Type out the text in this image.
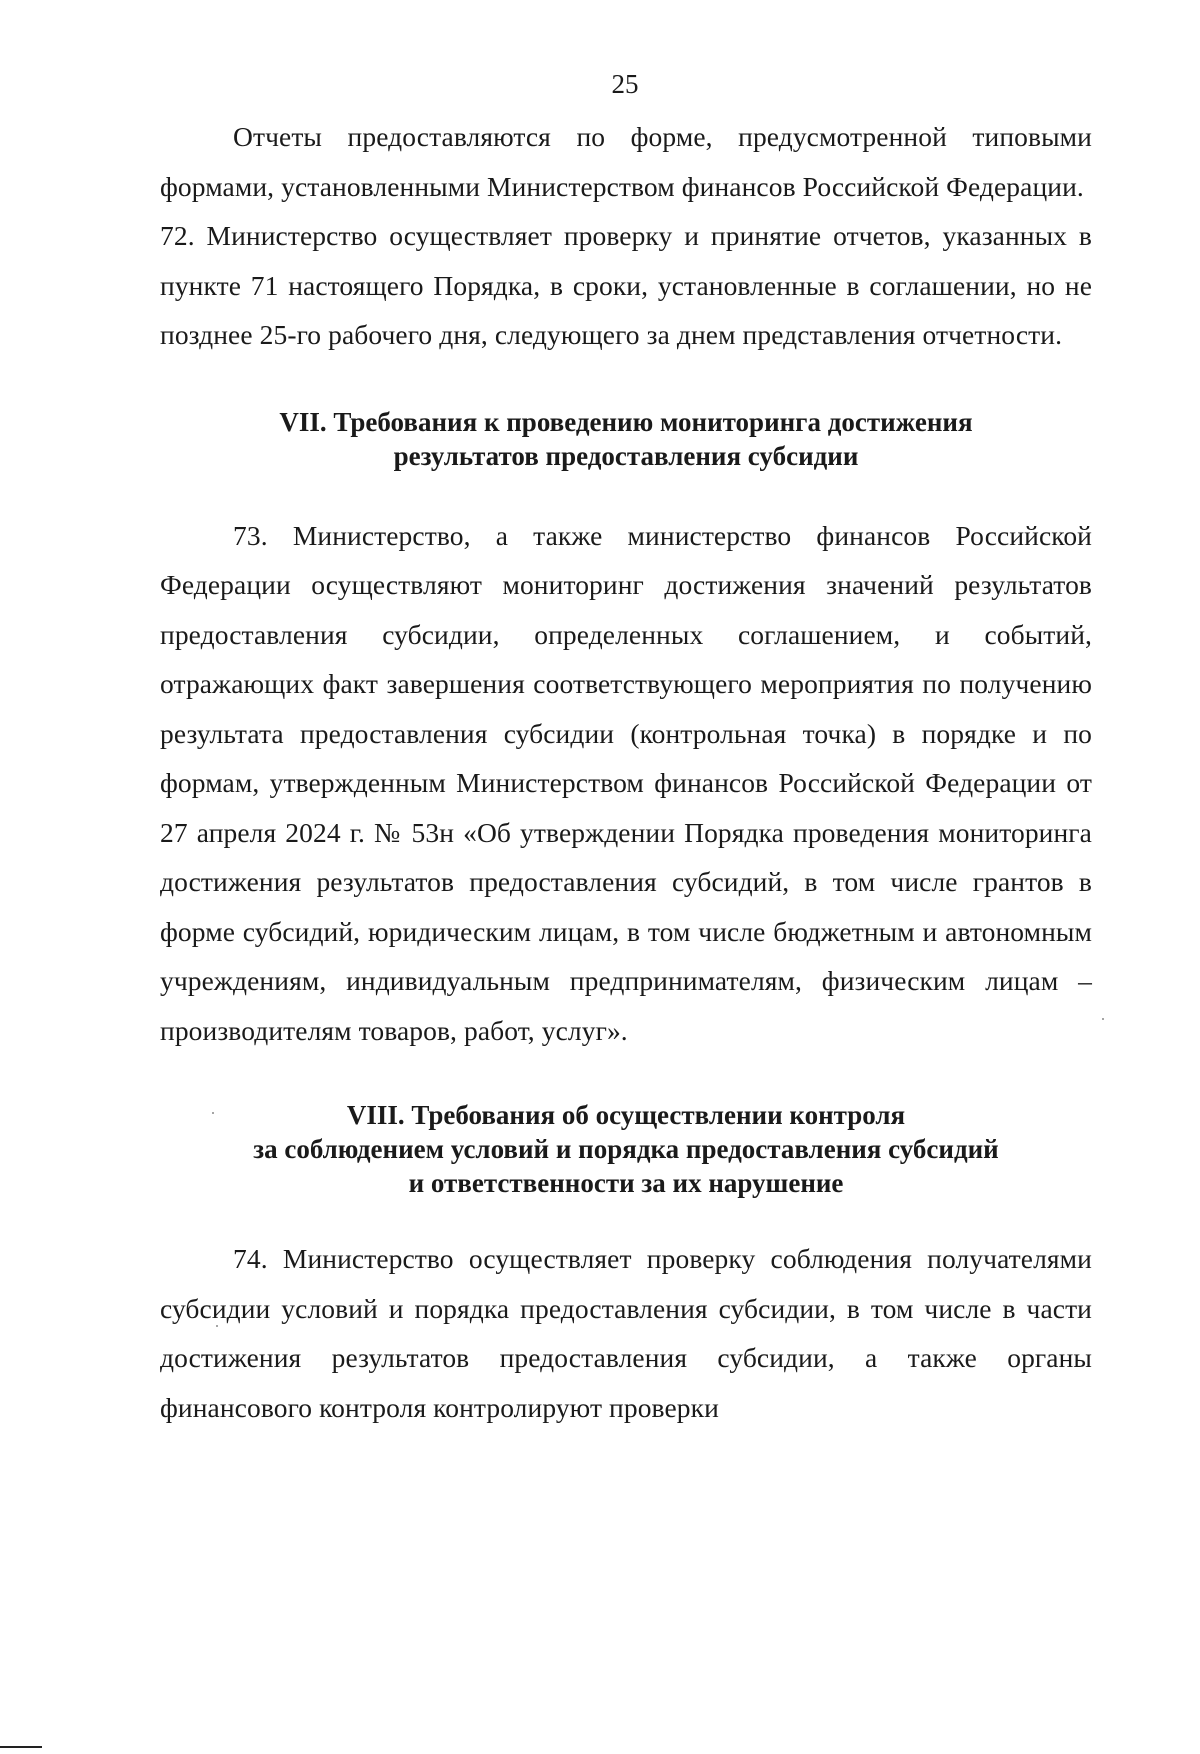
25

Отчеты предоставляются по форме, предусмотренной типовыми формами, установленными Министерством финансов Российской Федерации.

72. Министерство осуществляет проверку и принятие отчетов, указанных в пункте 71 настоящего Порядка, в сроки, установленные в соглашении, но не позднее 25-го рабочего дня, следующего за днем представления отчетности.

VII. Требования к проведению мониторинга достижения
результатов предоставления субсидии

73. Министерство, а также министерство финансов Российской Федерации осуществляют мониторинг достижения значений результатов предоставления субсидии, определенных соглашением, и событий, отражающих факт завершения соответствующего мероприятия по получению результата предоставления субсидии (контрольная точка) в порядке и по формам, утвержденным Министерством финансов Российской Федерации от 27 апреля 2024 г. № 53н «Об утверждении Порядка проведения мониторинга достижения результатов предоставления субсидий, в том числе грантов в форме субсидий, юридическим лицам, в том числе бюджетным и автономным учреждениям, индивидуальным предпринимателям, физическим лицам – производителям товаров, работ, услуг».

VIII. Требования об осуществлении контроля
за соблюдением условий и порядка предоставления субсидий
и ответственности за их нарушение

74. Министерство осуществляет проверку соблюдения получателями субсидии условий и порядка предоставления субсидии, в том числе в части достижения результатов предоставления субсидии, а также органы финансового контроля контролируют проверки
